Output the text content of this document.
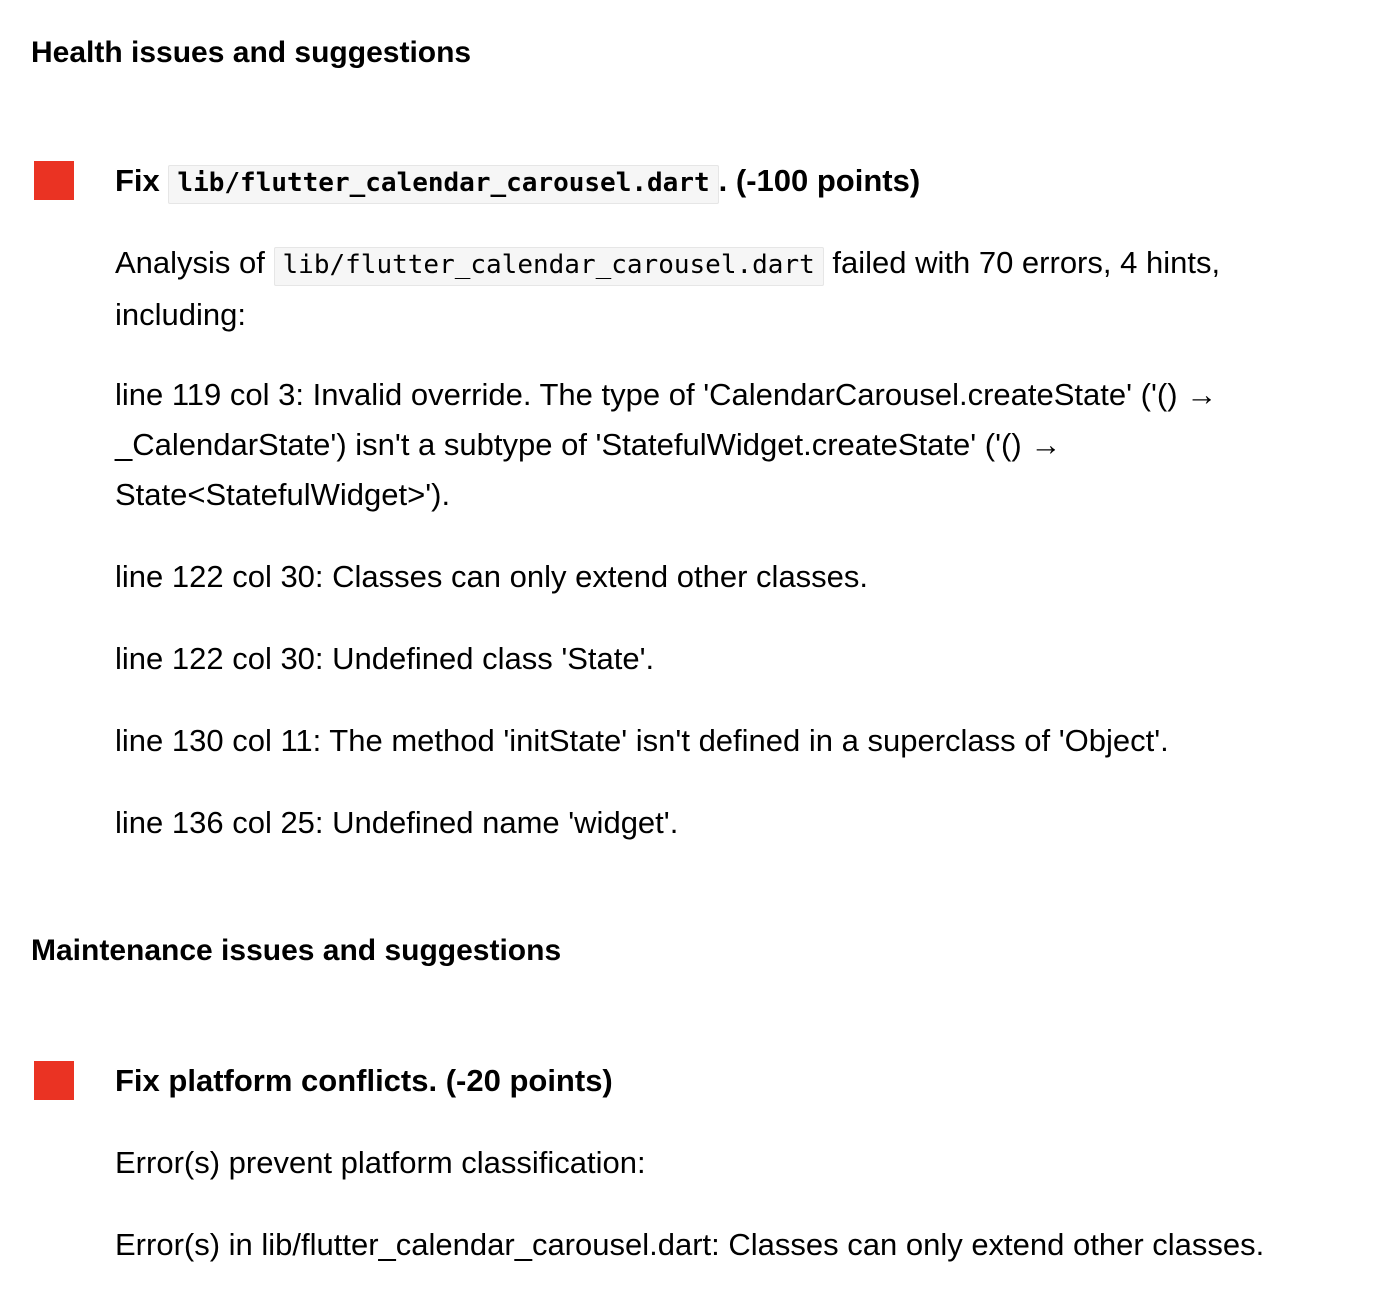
Health issues and suggestions
Fix lib/flutter_calendar_carousel.dart . (-100 points)

Analysis of lib/flutter_calendar_carousel.dart failed with 70 errors, 4 hints, including:

line 119 col 3: Invalid override. The type of 'CalendarCarousel.createState' ('() → _CalendarState') isn't a subtype of 'StatefulWidget.createState' ('() → State<StatefulWidget>').

line 122 col 30: Classes can only extend other classes.

line 122 col 30: Undefined class 'State'.

line 130 col 11: The method 'initState' isn't defined in a superclass of 'Object'.

line 136 col 25: Undefined name 'widget'.

Maintenance issues and suggestions
Fix platform conflicts. (-20 points)

Error(s) prevent platform classification:

Error(s) in lib/flutter_calendar_carousel.dart: Classes can only extend other classes.
